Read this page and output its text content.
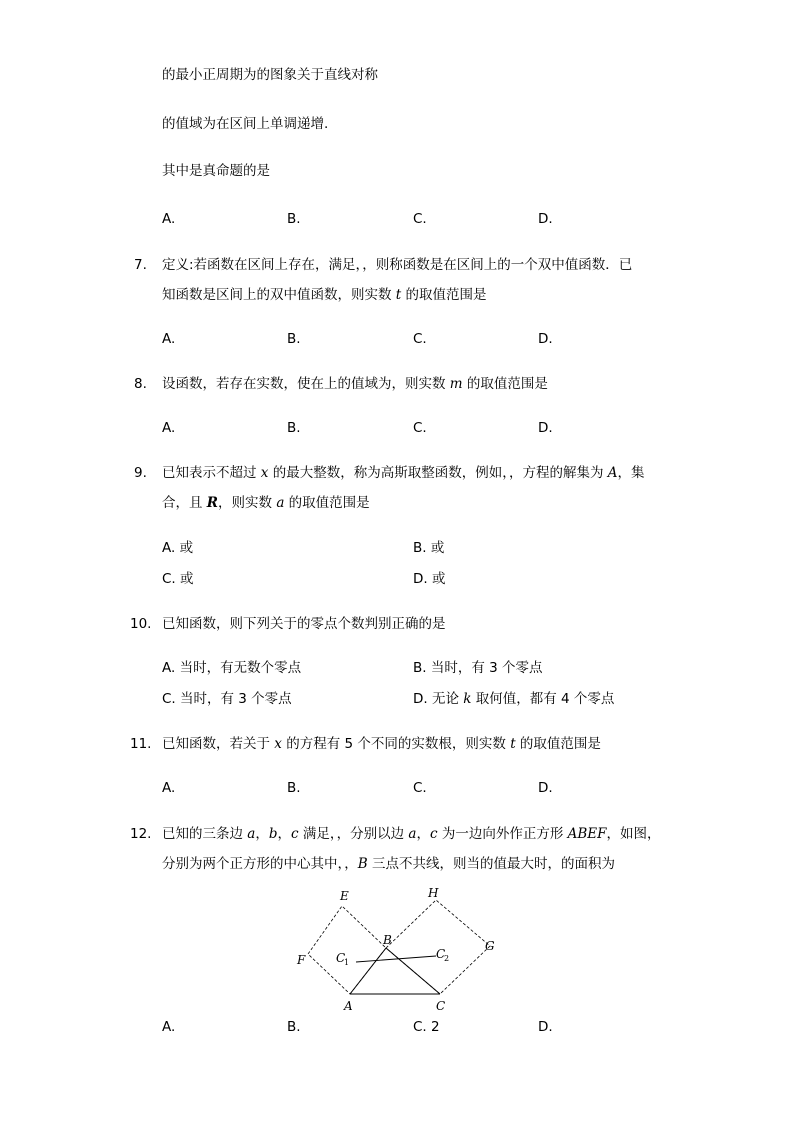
的最小正周期为的图象关于直线对称
的值域为在区间上单调递增.
其中是真命题的是
A.	B.	C.	D.
7. 定义:若函数在区间上存在，满足，，则称函数是在区间上的一个双中值函数．已
知函数是区间上的双中值函数，则实数 t 的取值范围是
A.	B.	C.	D.
8. 设函数，若存在实数，使在上的值域为，则实数 m 的取值范围是
A.	B.	C.	D.
9. 已知表示不超过 x 的最大整数，称为高斯取整函数，例如，，方程的解集为 A，集
合，且 R，则实数 a 的取值范围是
A. 或	B. 或
C. 或	D. 或
10. 已知函数，则下列关于的零点个数判别正确的是
A. 当时，有无数个零点	B. 当时，有 3 个零点
C. 当时，有 3 个零点	D. 无论 k 取何值，都有 4 个零点
11. 已知函数，若关于 x 的方程有 5 个不同的实数根，则实数 t 的取值范围是
A.	B.	C.	D.
12. 已知的三条边 a，b，c 满足，，分别以边 a，c 为一边向外作正方形 ABEF，如图，
分别为两个正方形的中心其中，，B 三点不共线，则当的值最大时，的面积为
E	H
B
F
G
C
1
C
2
A	C
A.	B.	C. 2	D.
